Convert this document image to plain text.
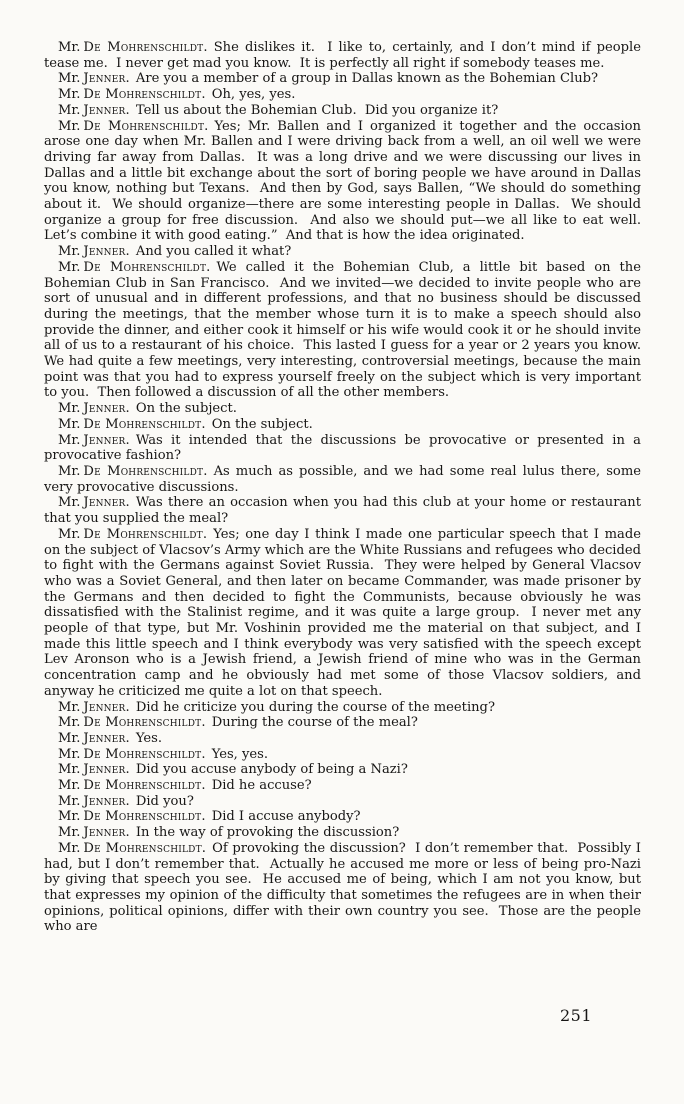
Mr. De Mohrenschildt. She dislikes it.  I like to, certainly, and I don’t mind if people tease me.  I never get mad you know.  It is perfectly all right if somebody teases me.

Mr. Jenner. Are you a member of a group in Dallas known as the Bohemian Club?

Mr. De Mohrenschildt. Oh, yes, yes.

Mr. Jenner. Tell us about the Bohemian Club.  Did you organize it?

Mr. De Mohrenschildt. Yes; Mr. Ballen and I organized it together and the occasion arose one day when Mr. Ballen and I were driving back from a well, an oil well we were driving far away from Dallas.  It was a long drive and we were discussing our lives in Dallas and a little bit exchange about the sort of boring people we have around in Dallas you know, nothing but Texans.  And then by God, says Ballen, “We should do something about it.  We should organize—there are some interesting people in Dallas.  We should organize a group for free discussion.  And also we should put—we all like to eat well.  Let’s combine it with good eating.”  And that is how the idea originated.

Mr. Jenner. And you called it what?

Mr. De Mohrenschildt. We called it the Bohemian Club, a little bit based on the Bohemian Club in San Francisco.  And we invited—we decided to invite people who are sort of unusual and in different professions, and that no business should be discussed during the meetings, that the member whose turn it is to make a speech should also provide the dinner, and either cook it himself or his wife would cook it or he should invite all of us to a restaurant of his choice.  This lasted I guess for a year or 2 years you know.  We had quite a few meetings, very interesting, controversial meetings, because the main point was that you had to express yourself freely on the subject which is very important to you.  Then followed a discussion of all the other members.

Mr. Jenner. On the subject.

Mr. De Mohrenschildt. On the subject.

Mr. Jenner. Was it intended that the discussions be provocative or presented in a provocative fashion?

Mr. De Mohrenschildt. As much as possible, and we had some real lulus there, some very provocative discussions.

Mr. Jenner. Was there an occasion when you had this club at your home or restaurant that you supplied the meal?

Mr. De Mohrenschildt. Yes; one day I think I made one particular speech that I made on the subject of Vlacsov’s Army which are the White Russians and refugees who decided to fight with the Germans against Soviet Russia.  They were helped by General Vlacsov who was a Soviet General, and then later on became Commander, was made prisoner by the Germans and then decided to fight the Communists, because obviously he was dissatisfied with the Stalinist regime, and it was quite a large group.  I never met any people of that type, but Mr. Voshinin provided me the material on that subject, and I made this little speech and I think everybody was very satisfied with the speech except Lev Aronson who is a Jewish friend, a Jewish friend of mine who was in the German concentration camp and he obviously had met some of those Vlacsov soldiers, and anyway he criticized me quite a lot on that speech.

Mr. Jenner. Did he criticize you during the course of the meeting?

Mr. De Mohrenschildt. During the course of the meal?

Mr. Jenner. Yes.

Mr. De Mohrenschildt. Yes, yes.

Mr. Jenner. Did you accuse anybody of being a Nazi?

Mr. De Mohrenschildt. Did he accuse?

Mr. Jenner. Did you?

Mr. De Mohrenschildt. Did I accuse anybody?

Mr. Jenner. In the way of provoking the discussion?

Mr. De Mohrenschildt. Of provoking the discussion?  I don’t remember that.  Possibly I had, but I don’t remember that.  Actually he accused me more or less of being pro-Nazi by giving that speech you see.  He accused me of being, which I am not you know, but that expresses my opinion of the difficulty that sometimes the refugees are in when their opinions, political opinions, differ with their own country you see.  Those are the people who are

251
